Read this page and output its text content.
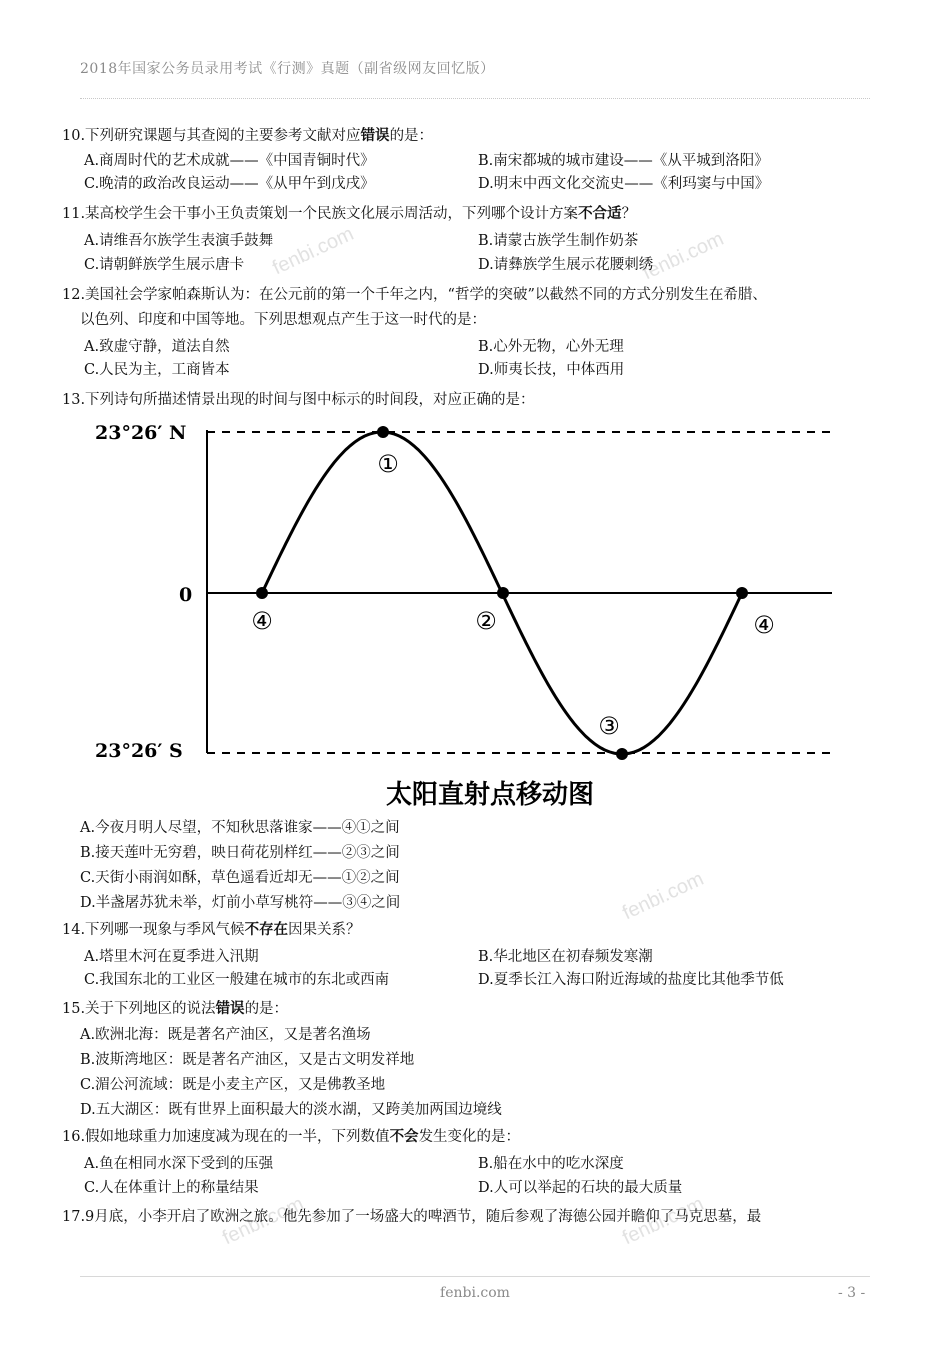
2018年国家公务员录用考试《行测》真题（副省级网友回忆版）
fenbi.com	fenbi.com
fenbi.com
fenbi.com	fenbi.com
10.下列研究课题与其查阅的主要参考文献对应错误的是：
A.商周时代的艺术成就——《中国青铜时代》	B.南宋都城的城市建设——《从平城到洛阳》
C.晚清的政治改良运动——《从甲午到戊戌》	D.明末中西文化交流史——《利玛窦与中国》
11.某高校学生会干事小王负责策划一个民族文化展示周活动，下列哪个设计方案不合适？
A.请维吾尔族学生表演手鼓舞	B.请蒙古族学生制作奶茶
C.请朝鲜族学生展示唐卡	D.请彝族学生展示花腰刺绣
12.美国社会学家帕森斯认为：在公元前的第一个千年之内，“哲学的突破”以截然不同的方式分别发生在希腊、
以色列、印度和中国等地。下列思想观点产生于这一时代的是：
A.致虚守静，道法自然	B.心外无物，心外无理
C.人民为主，工商皆本	D.师夷长技，中体西用
13.下列诗句所描述情景出现的时间与图中标示的时间段，对应正确的是：
23°26′ N
0
23°26′ S
④
①
②
③
④
太阳直射点移动图
A.今夜月明人尽望，不知秋思落谁家——④①之间
B.接天莲叶无穷碧，映日荷花别样红——②③之间
C.天街小雨润如酥，草色遥看近却无——①②之间
D.半盏屠苏犹未举，灯前小草写桃符——③④之间
14.下列哪一现象与季风气候不存在因果关系？
A.塔里木河在夏季进入汛期	B.华北地区在初春频发寒潮
C.我国东北的工业区一般建在城市的东北或西南	D.夏季长江入海口附近海域的盐度比其他季节低
15.关于下列地区的说法错误的是：
A.欧洲北海：既是著名产油区，又是著名渔场
B.波斯湾地区：既是著名产油区，又是古文明发祥地
C.湄公河流域：既是小麦主产区，又是佛教圣地
D.五大湖区：既有世界上面积最大的淡水湖，又跨美加两国边境线
16.假如地球重力加速度减为现在的一半，下列数值不会发生变化的是：
A.鱼在相同水深下受到的压强	B.船在水中的吃水深度
C.人在体重计上的称量结果	D.人可以举起的石块的最大质量
17.9月底，小李开启了欧洲之旅。他先参加了一场盛大的啤酒节，随后参观了海德公园并瞻仰了马克思墓，最
fenbi.com	- 3 -
